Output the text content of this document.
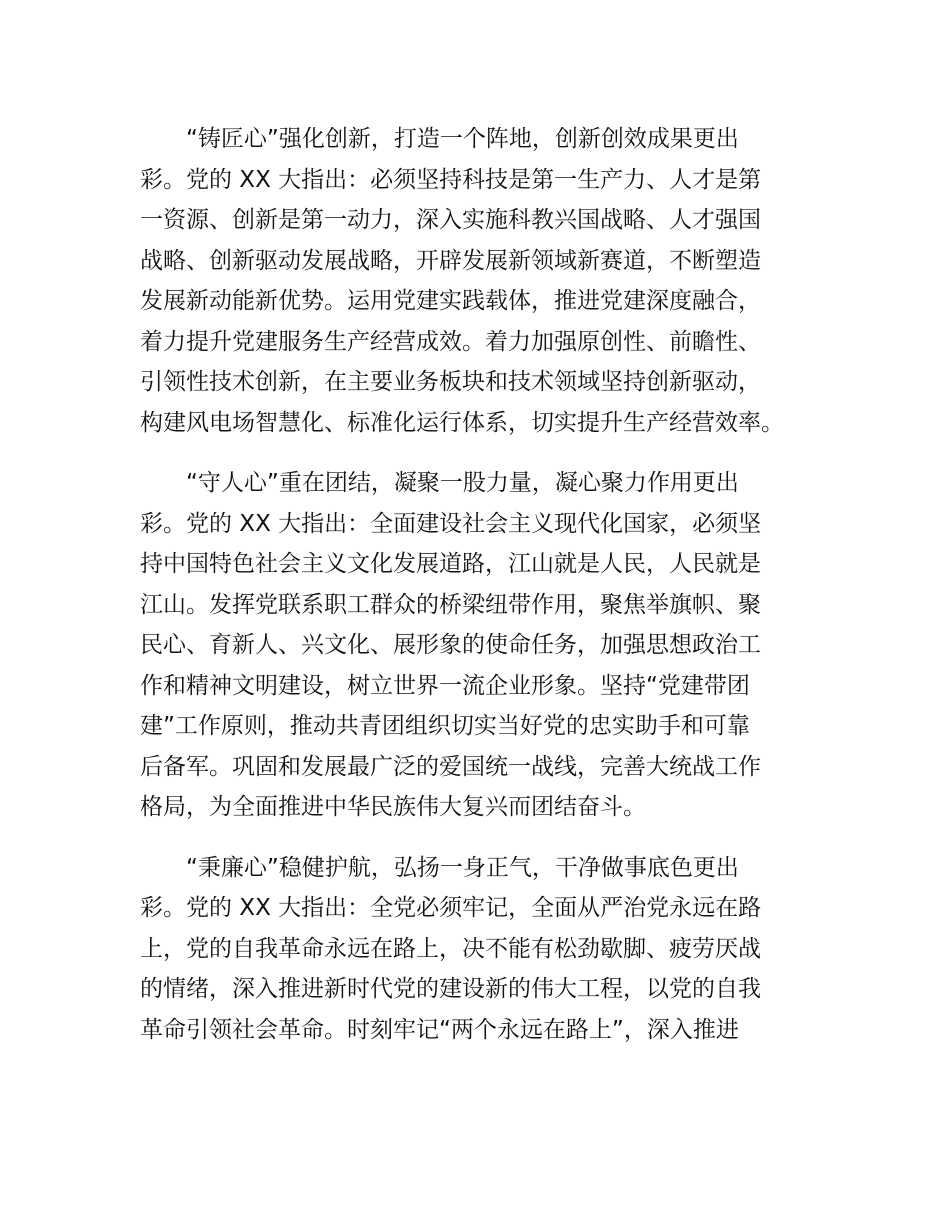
“铸匠心”强化创新，打造一个阵地，创新创效成果更出
彩。党的 XX 大指出：必须坚持科技是第一生产力、人才是第
一资源、创新是第一动力，深入实施科教兴国战略、人才强国
战略、创新驱动发展战略，开辟发展新领域新赛道，不断塑造
发展新动能新优势。运用党建实践载体，推进党建深度融合，
着力提升党建服务生产经营成效。着力加强原创性、前瞻性、
引领性技术创新，在主要业务板块和技术领域坚持创新驱动，
构建风电场智慧化、标准化运行体系，切实提升生产经营效率。

“守人心”重在团结，凝聚一股力量，凝心聚力作用更出
彩。党的 XX 大指出：全面建设社会主义现代化国家，必须坚
持中国特色社会主义文化发展道路，江山就是人民，人民就是
江山。发挥党联系职工群众的桥梁纽带作用，聚焦举旗帜、聚
民心、育新人、兴文化、展形象的使命任务，加强思想政治工
作和精神文明建设，树立世界一流企业形象。坚持“党建带团
建”工作原则，推动共青团组织切实当好党的忠实助手和可靠
后备军。巩固和发展最广泛的爱国统一战线，完善大统战工作
格局，为全面推进中华民族伟大复兴而团结奋斗。

“秉廉心”稳健护航，弘扬一身正气，干净做事底色更出
彩。党的 XX 大指出：全党必须牢记，全面从严治党永远在路
上，党的自我革命永远在路上，决不能有松劲歇脚、疲劳厌战
的情绪，深入推进新时代党的建设新的伟大工程，以党的自我
革命引领社会革命。时刻牢记“两个永远在路上”，深入推进
